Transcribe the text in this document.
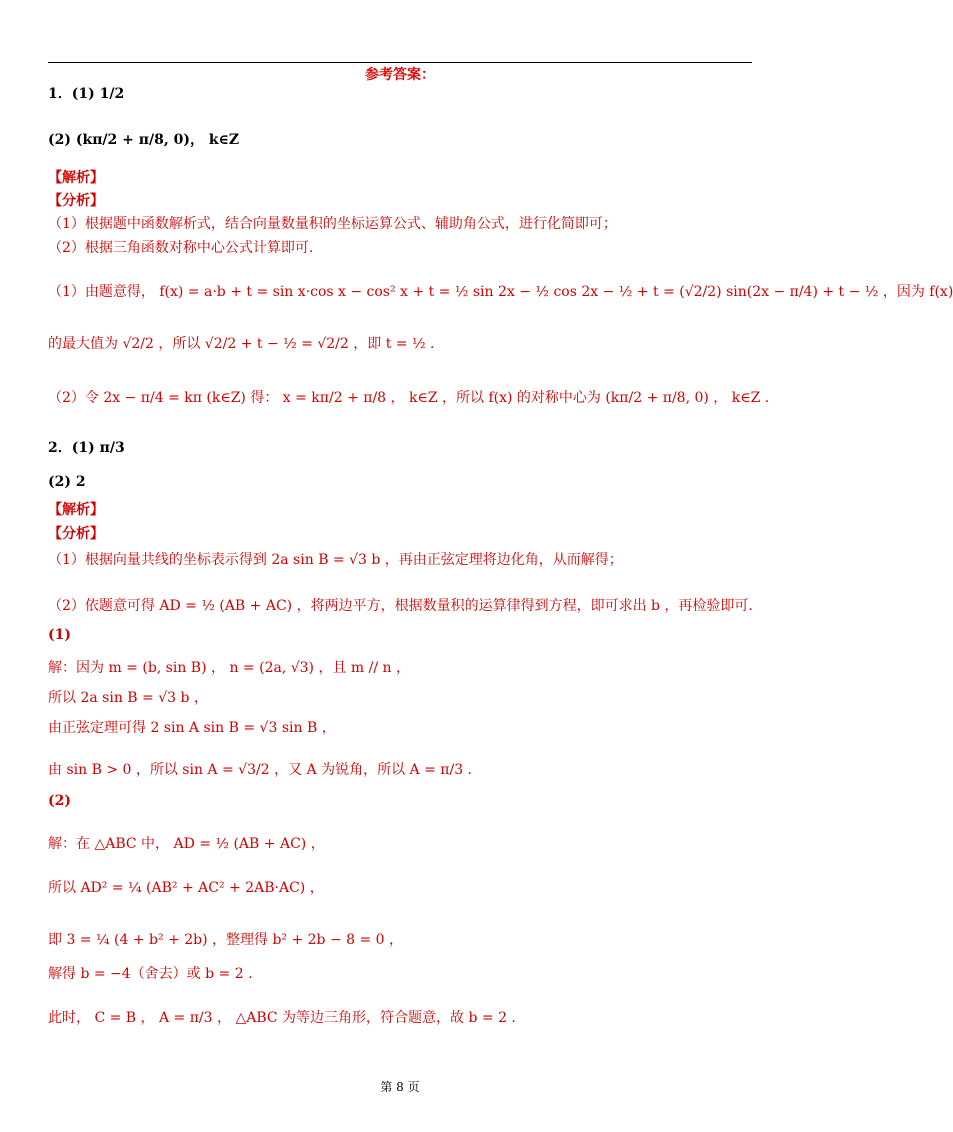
参考答案：
1．(1) 1/2
(2) (kπ/2 + π/8, 0)， k∈Z
【解析】
【分析】
（1）根据题中函数解析式，结合向量数量积的坐标运算公式、辅助角公式，进行化简即可；
（2）根据三角函数对称中心公式计算即可.
（1）由题意得， f(x) = a·b + t = sin x·cos x − cos² x + t = ½ sin 2x − ½ cos 2x − ½ + t = (√2/2) sin(2x − π/4) + t − ½ ，因为 f(x)
的最大值为 √2/2 ，所以 √2/2 + t − ½ = √2/2 ，即 t = ½ .
（2）令 2x − π/4 = kπ (k∈Z) 得： x = kπ/2 + π/8 ， k∈Z ，所以 f(x) 的对称中心为 (kπ/2 + π/8, 0) ， k∈Z .
2．(1) π/3
(2) 2
【解析】
【分析】
（1）根据向量共线的坐标表示得到 2a sin B = √3 b ，再由正弦定理将边化角，从而解得；
（2）依题意可得 AD = ½ (AB + AC) ，将两边平方，根据数量积的运算律得到方程，即可求出 b ，再检验即可.
(1)
解：因为 m = (b, sin B) ， n = (2a, √3) ，且 m // n ，
所以 2a sin B = √3 b ，
由正弦定理可得 2 sin A sin B = √3 sin B ，
由 sin B > 0 ，所以 sin A = √3/2 ，又 A 为锐角，所以 A = π/3 .
(2)
解：在 △ABC 中， AD = ½ (AB + AC) ，
所以 AD² = ¼ (AB² + AC² + 2AB·AC) ，
即 3 = ¼ (4 + b² + 2b) ，整理得 b² + 2b − 8 = 0 ，
解得 b = −4（舍去）或 b = 2 .
此时， C = B ， A = π/3 ， △ABC 为等边三角形，符合题意，故 b = 2 .
第 8 页
